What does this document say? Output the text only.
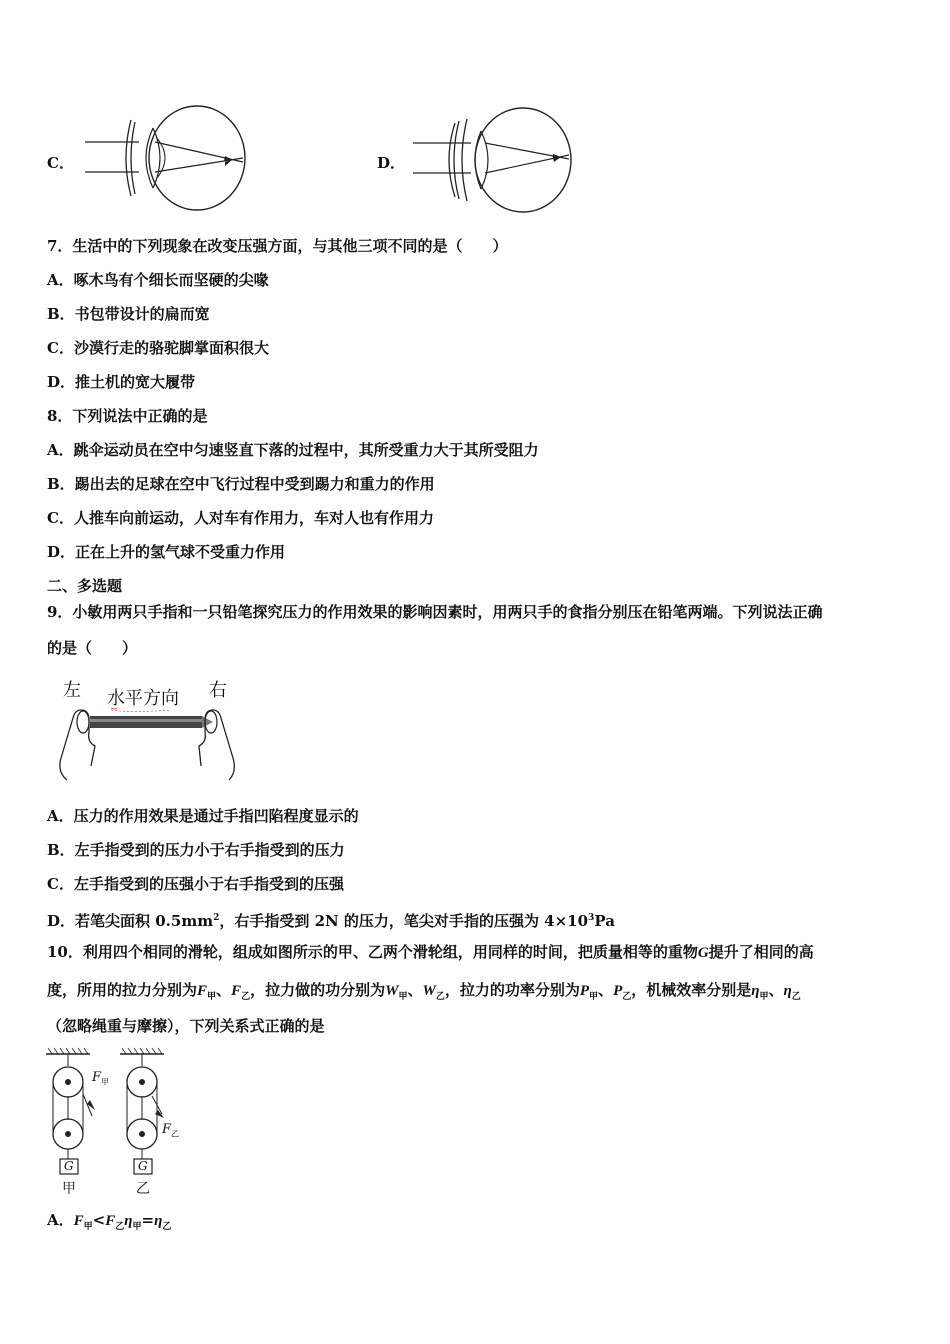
C．	D．
7．生活中的下列现象在改变压强方面，与其他三项不同的是（　　）
A．啄木鸟有个细长而坚硬的尖喙
B．书包带设计的扁而宽
C．沙漠行走的骆驼脚掌面积很大
D．推土机的宽大履带
8．下列说法中正确的是
A．跳伞运动员在空中匀速竖直下落的过程中，其所受重力大于其所受阻力
B．踢出去的足球在空中飞行过程中受到踢力和重力的作用
C．人推车向前运动，人对车有作用力，车对人也有作用力
D．正在上升的氢气球不受重力作用
二、多选题
9．小敏用两只手指和一只铅笔探究压力的作用效果的影响因素时，用两只手的食指分别压在铅笔两端。下列说法正确
的是（　　）
左 水平方向 右
A．压力的作用效果是通过手指凹陷程度显示的
B．左手指受到的压力小于右手指受到的压力
C．左手指受到的压强小于右手指受到的压强
D．若笔尖面积 $0.5mm^2$，右手指受到 2N 的压力，笔尖对手指的压强为 $4\times 10^3Pa$
10．利用四个相同的滑轮，组成如图所示的甲、乙两个滑轮组，用同样的时间，把质量相等的重物G提升了相同的高
度，所用的拉力分别为$F_甲$、$F_乙$，拉力做的功分别为$W_甲$、$W_乙$，拉力的功率分别为$P_甲$、$P_乙$，机械效率分别是$\eta_甲$、$\eta_乙$
（忽略绳重与摩擦），下列关系式正确的是
G	G
$F_甲$
$F_乙$
甲	乙
A．$F_甲<F_乙\eta_甲=\eta_乙$
